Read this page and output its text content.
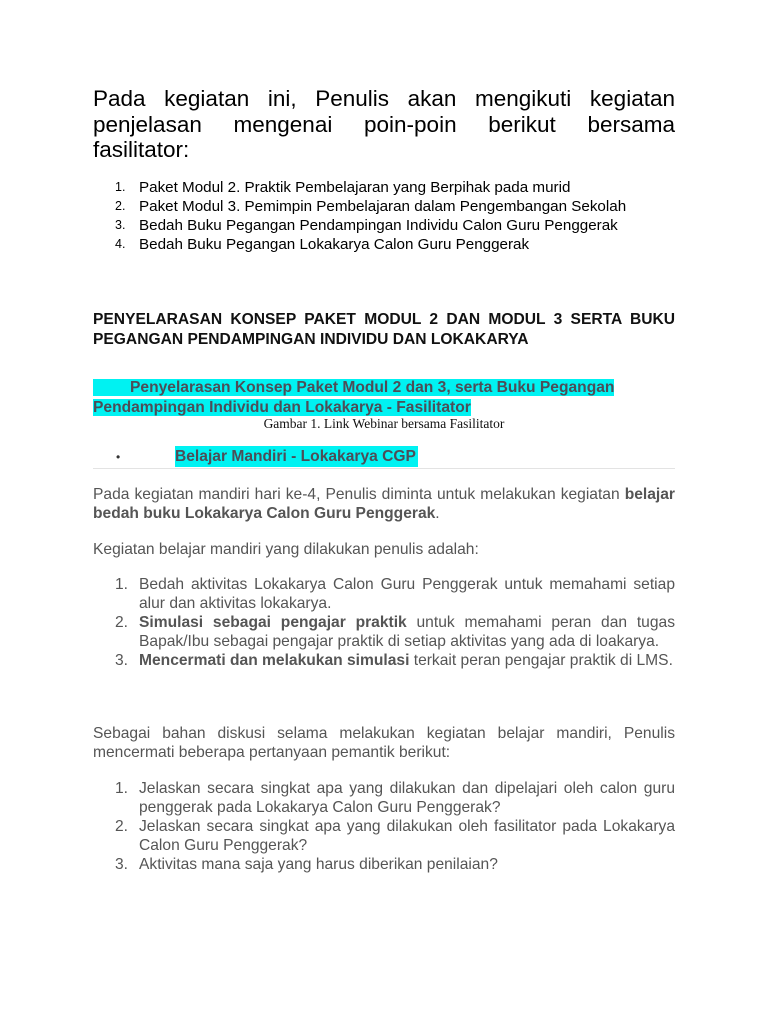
Pada kegiatan ini, Penulis akan mengikuti kegiatan penjelasan mengenai poin-poin berikut bersama fasilitator:

1. Paket Modul 2. Praktik Pembelajaran yang Berpihak pada murid
2. Paket Modul 3. Pemimpin Pembelajaran dalam Pengembangan Sekolah
3. Bedah Buku Pegangan Pendampingan Individu Calon Guru Penggerak
4. Bedah Buku Pegangan Lokakarya Calon Guru Penggerak

PENYELARASAN KONSEP PAKET MODUL 2 DAN MODUL 3 SERTA BUKU PEGANGAN PENDAMPINGAN INDIVIDU DAN LOKAKARYA

Penyelarasan Konsep Paket Modul 2 dan 3, serta Buku Pegangan
Pendampingan Individu dan Lokakarya - Fasilitator

Gambar 1. Link Webinar bersama Fasilitator

•	Belajar Mandiri - Lokakarya CGP

Pada kegiatan mandiri hari ke-4, Penulis diminta untuk melakukan kegiatan belajar bedah buku Lokakarya Calon Guru Penggerak.

Kegiatan belajar mandiri yang dilakukan penulis adalah:

1. Bedah aktivitas Lokakarya Calon Guru Penggerak untuk memahami setiap alur dan aktivitas lokakarya.
2. Simulasi sebagai pengajar praktik untuk memahami peran dan tugas Bapak/Ibu sebagai pengajar praktik di setiap aktivitas yang ada di loakarya.
3. Mencermati dan melakukan simulasi terkait peran pengajar praktik di LMS.

Sebagai bahan diskusi selama melakukan kegiatan belajar mandiri, Penulis mencermati beberapa pertanyaan pemantik berikut:

1. Jelaskan secara singkat apa yang dilakukan dan dipelajari oleh calon guru penggerak pada Lokakarya Calon Guru Penggerak?
2. Jelaskan secara singkat apa yang dilakukan oleh fasilitator pada Lokakarya Calon Guru Penggerak?
3. Aktivitas mana saja yang harus diberikan penilaian?
